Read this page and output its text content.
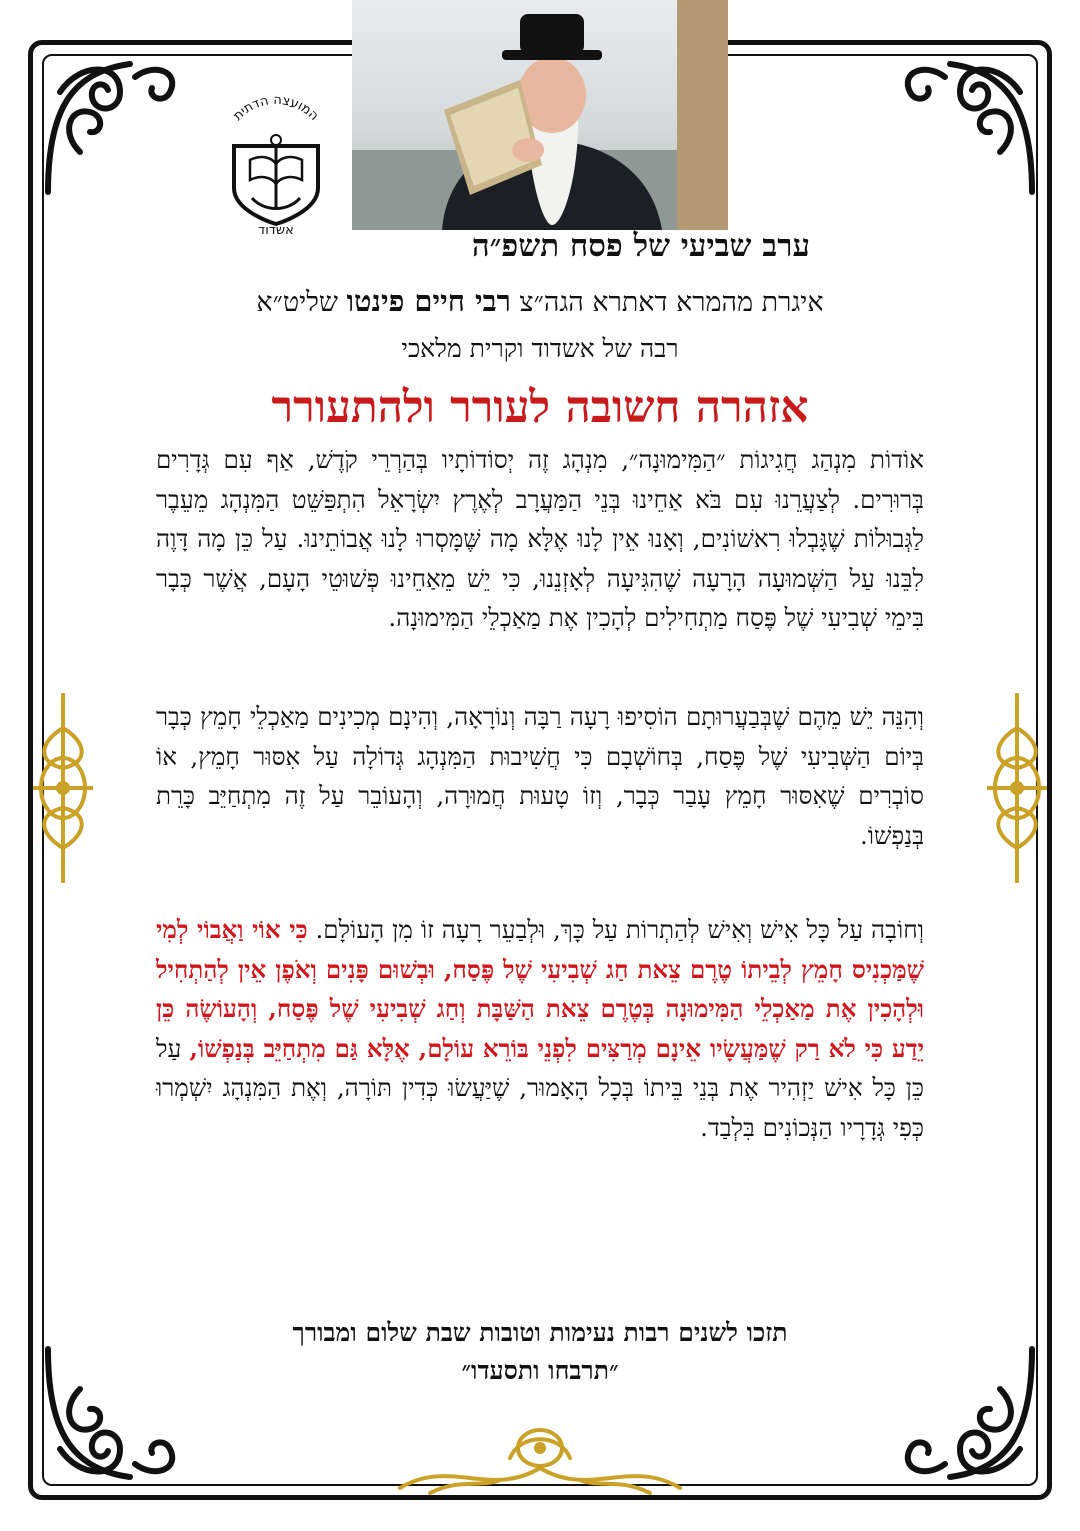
המועצה הדתית
אשדוד	ערב שביעי של פסח תשפ״ה
איגרת מהמרא דאתרא הגה״צ רבי חיים פינטו שליט״א
רבה של אשדוד וקרית מלאכי
אזהרה חשובה לעורר ולהתעורר
אוֹדוֹת מִנְהַג חֲגִיגוֹת ״הַמִּימוּנָה״, מִנְהָג זֶה יְסוֹדוֹתָיו בְּהַרְרֵי קֹדֶשׁ, אַף עִם גְּדָרִים בְּרוּרִים. לְצַעֲרֵנוּ עִם בֹּא אַחֵינוּ בְּנֵי הַמַּעֲרָב לְאֶרֶץ יִשְׂרָאֵל הִתְפַּשֵּׁט הַמִּנְהָג מֵעֵבֶר לַגְּבוּלוֹת שֶׁגָּבְלוּ רִאשׁוֹנִים, וְאָנוּ אֵין לָנוּ אֶלָּא מָה שֶּׁמָּסְרוּ לָנוּ אֲבוֹתֵינוּ. עַל כֵּן מָה דָּוֶה לִבֵּנוּ עַל הַשְּׁמוּעָה הָרָעָה שֶׁהִגִּיעָה לְאָזְנֵנוּ, כִּי יֵשׁ מֵאַחֵינוּ פְּשׁוּטֵי הָעָם, אֲשֶׁר כְּבָר בִּימֵי שְׁבִיעִי שֶׁל פֶּסַח מַתְחִילִים לְהָכִין אֶת מַאַכְלֵי הַמִּימוּנָה.
וְהִנֵּה יֵשׁ מֵהֶם שֶׁבְּבַעֲרוּתָם הוֹסִיפוּ רָעָה רַבָּה וְנוֹרָאָה, וְהִינָם מְכִינִים מַאַכְלֵי חָמֵץ כְּבָר בְּיוֹם הַשְּׁבִיעִי שֶׁל פֶּסַח, בְּחוֹשְׁבָם כִּי חֲשִׁיבוּת הַמִּנְהָג גְּדוֹלָה עַל אִסּוּר חָמֵץ, אוֹ סוֹבְרִים שֶׁאִסּוּר חָמֵץ עָבַר כְּבָר, וְזוֹ טָעוּת חֲמוּרָה, וְהָעוֹבֵר עַל זֶה מִתְחַיֵּב כָּרֵת בְּנַפְשׁוֹ.
וְחוֹבָה עַל כָּל אִישׁ וְאִישׁ לְהַתְרוֹת עַל כָּךְ, וּלְבַעֵר רָעָה זוֹ מִן הָעוֹלָם. כִּי אוֹי וַאֲבוֹי לְמִי שֶׁמַּכְנִיס חָמֵץ לְבֵיתוֹ טֶרֶם צֵאת חַג שְׁבִיעִי שֶׁל פֶּסַח, וּבְשׁוּם פָּנִים וְאֹפֶן אֵין לְהַתְחִיל וּלְהָכִין אֶת מַאַכְלֵי הַמִּימוּנָה בְּטֶרֶם צֵאת הַשַּׁבָּת וְחַג שְׁבִיעִי שֶׁל פֶּסַח, וְהָעוֹשֶׂה כֵּן יֵדַע כִּי לֹא רַק שֶׁמַּעֲשָׂיו אֵינָם מְרַצִּים לִפְנֵי בּוֹרֵא עוֹלָם, אֶלָּא גַּם מִתְחַיֵּב בְּנַפְשׁוֹ, עַל כֵּן כָּל אִישׁ יַזְהִיר אֶת בְּנֵי בֵּיתוֹ בְּכָל הָאָמוּר, שֶׁיַּעֲשׂוּ כְּדִין תּוֹרָה, וְאֶת הַמִּנְהָג יִשְׁמְרוּ כְּפִי גְּדָרָיו הַנְּכוֹנִים בִּלְבַד.
תזכו לשנים רבות נעימות וטובות שבת שלום ומבורך
״תרבחו ותסעדו״
